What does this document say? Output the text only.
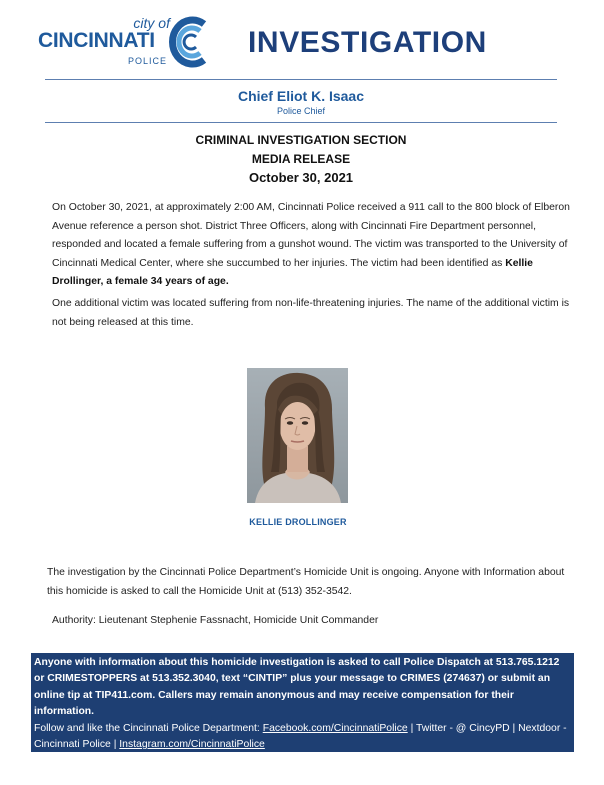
city of
CINCINNATI
POLICE
INVESTIGATION
Chief Eliot K. Isaac
Police Chief
CRIMINAL INVESTIGATION SECTION
MEDIA RELEASE
October 30, 2021
On October 30, 2021, at approximately 2:00 AM, Cincinnati Police received a 911 call to the 800 block of Elberon Avenue reference a person shot. District Three Officers, along with Cincinnati Fire Department personnel, responded and located a female suffering from a gunshot wound. The victim was transported to the University of Cincinnati Medical Center, where she succumbed to her injuries. The victim had been identified as Kellie Drollinger, a female 34 years of age.
One additional victim was located suffering from non-life-threatening injuries. The name of the additional victim is not being released at this time.
KELLIE DROLLINGER
The investigation by the Cincinnati Police Department’s Homicide Unit is ongoing. Anyone with Information about this homicide is asked to call the Homicide Unit at (513) 352-3542.
Authority: Lieutenant Stephenie Fassnacht, Homicide Unit Commander

Anyone with information about this homicide investigation is asked to call Police Dispatch at 513.765.1212 or CRIMESTOPPERS at 513.352.3040, text “CINTIP” plus your message to CRIMES (274637) or submit an online tip at TIP411.com. Callers may remain anonymous and may receive compensation for their information.

Follow and like the Cincinnati Police Department: Facebook.com/CincinnatiPolice | Twitter - @ CincyPD | Nextdoor - Cincinnati Police | Instagram.com/CincinnatiPolice
